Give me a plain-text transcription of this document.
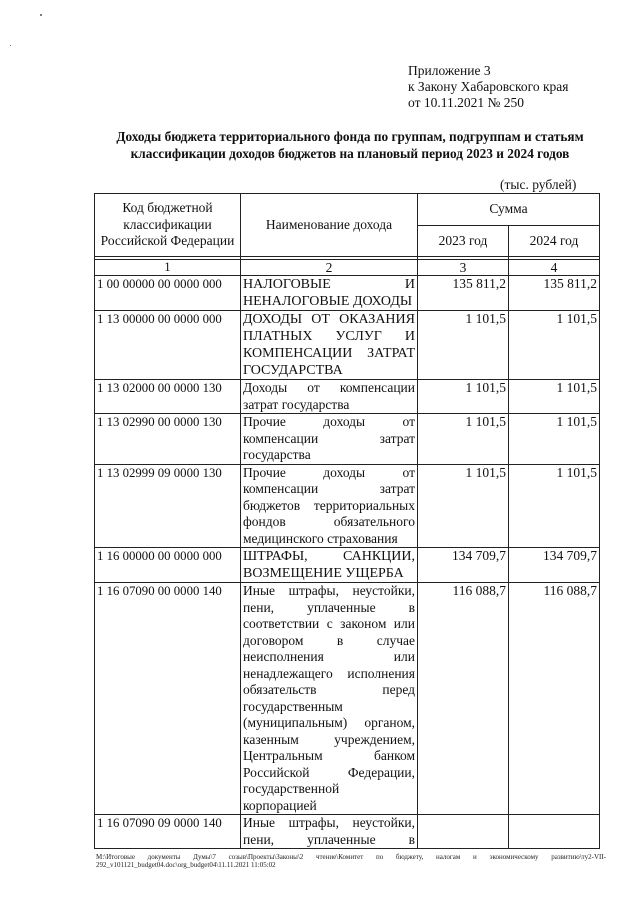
Приложение 3
к Закону Хабаровского края
от 10.11.2021 № 250
Доходы бюджета территориального фонда по группам, подгруппам и статьям
классификации доходов бюджетов на плановый период 2023 и 2024 годов
(тыс. рублей)
Код бюджетной классификации Российской Федерации	Наименование дохода	Сумма	
		2023 год	2024 год

1	2	3	4
1 00 00000 00 0000 000	НАЛОГОВЫЕ И НЕНАЛОГОВЫЕ ДОХОДЫ	135 811,2	135 811,2
1 13 00000 00 0000 000	ДОХОДЫ ОТ ОКАЗАНИЯ ПЛАТНЫХ УСЛУГ И КОМПЕНСАЦИИ ЗАТРАТ ГОСУДАРСТВА	1 101,5	1 101,5
1 13 02000 00 0000 130	Доходы от компенсации затрат государства	1 101,5	1 101,5
1 13 02990 00 0000 130	Прочие доходы от компенсации затрат государства	1 101,5	1 101,5
1 13 02999 09 0000 130	Прочие доходы от компенсации затрат бюджетов территориальных фондов обязательного медицинского страхования	1 101,5	1 101,5
1 16 00000 00 0000 000	ШТРАФЫ, САНКЦИИ, ВОЗМЕЩЕНИЕ УЩЕРБА	134 709,7	134 709,7
1 16 07090 00 0000 140	Иные штрафы, неустойки, пени, уплаченные в соответствии с законом или договором в случае неисполнения или ненадлежащего исполнения обязательств перед государственным (муниципальным) органом, казенным учреждением, Центральным банком Российской Федерации, государственной корпорацией	116 088,7	116 088,7
1 16 07090 09 0000 140	Иные штрафы, неустойки, пени, уплаченные в		
M:\Итоговые документы Думы\7 созыв\Проекты\Законы\2 чтение\Комитет по бюджету, налогам и экономическому развитию\ту2-VII-292_v101121_budget04.doc\org_budget04\11.11.2021 11:05:02
